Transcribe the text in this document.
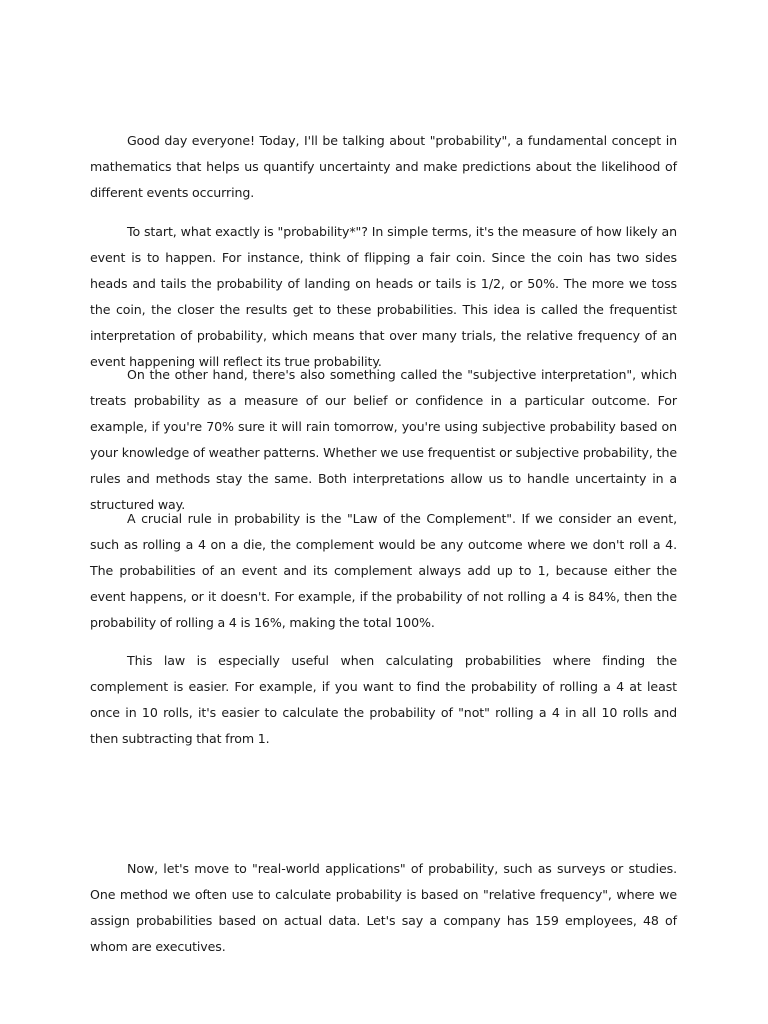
Good day everyone! Today, I'll be talking about "probability", a fundamental concept in mathematics that helps us quantify uncertainty and make predictions about the likelihood of different events occurring.

To start, what exactly is "probability*"? In simple terms, it's the measure of how likely an event is to happen. For instance, think of flipping a fair coin. Since the coin has two sides heads and tails the probability of landing on heads or tails is 1/2, or 50%. The more we toss the coin, the closer the results get to these probabilities. This idea is called the frequentist interpretation of probability, which means that over many trials, the relative frequency of an event happening will reflect its true probability.

On the other hand, there's also something called the "subjective interpretation", which treats probability as a measure of our belief or confidence in a particular outcome. For example, if you're 70% sure it will rain tomorrow, you're using subjective probability based on your knowledge of weather patterns. Whether we use frequentist or subjective probability, the rules and methods stay the same. Both interpretations allow us to handle uncertainty in a structured way.

A crucial rule in probability is the "Law of the Complement". If we consider an event, such as rolling a 4 on a die, the complement would be any outcome where we don't roll a 4. The probabilities of an event and its complement always add up to 1, because either the event happens, or it doesn't. For example, if the probability of not rolling a 4 is 84%, then the probability of rolling a 4 is 16%, making the total 100%.

This law is especially useful when calculating probabilities where finding the complement is easier. For example, if you want to find the probability of rolling a 4 at least once in 10 rolls, it's easier to calculate the probability of "not" rolling a 4 in all 10 rolls and then subtracting that from 1.

Now, let's move to "real-world applications" of probability, such as surveys or studies. One method we often use to calculate probability is based on "relative frequency", where we assign probabilities based on actual data. Let's say a company has 159 employees, 48 of whom are executives.
